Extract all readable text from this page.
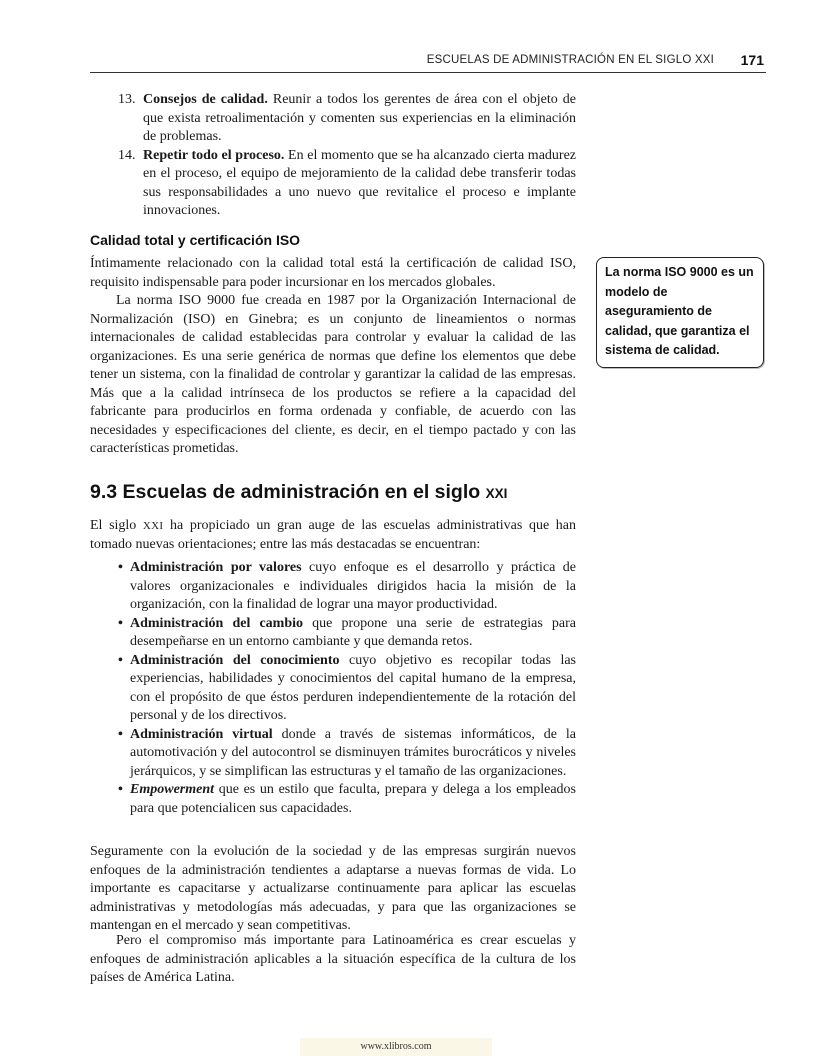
ESCUELAS DE ADMINISTRACIÓN EN EL SIGLO XXI 171
13. Consejos de calidad. Reunir a todos los gerentes de área con el objeto de que exista retroalimentación y comenten sus experiencias en la eliminación de problemas.
14. Repetir todo el proceso. En el momento que se ha alcanzado cierta madurez en el proceso, el equipo de mejoramiento de la calidad debe transferir todas sus responsabilidades a uno nuevo que revitalice el proceso e implante innovaciones.
Calidad total y certificación ISO

Íntimamente relacionado con la calidad total está la certificación de calidad ISO, requisito indispensable para poder incursionar en los mercados globales.

La norma ISO 9000 fue creada en 1987 por la Organización Internacional de Normalización (ISO) en Ginebra; es un conjunto de lineamientos o normas internacionales de calidad establecidas para controlar y evaluar la calidad de las organizaciones. Es una serie genérica de normas que define los elementos que debe tener un sistema, con la finalidad de controlar y garantizar la calidad de las empresas. Más que a la calidad intrínseca de los productos se refiere a la capacidad del fabricante para producirlos en forma ordenada y confiable, de acuerdo con las necesidades y especificaciones del cliente, es decir, en el tiempo pactado y con las características prometidas.

La norma ISO 9000 es un modelo de aseguramiento de calidad, que garantiza el sistema de calidad.
9.3 Escuelas de administración en el siglo XXI

El siglo XXI ha propiciado un gran auge de las escuelas administrativas que han tomado nuevas orientaciones; entre las más destacadas se encuentran:

• Administración por valores cuyo enfoque es el desarrollo y práctica de valores organizacionales e individuales dirigidos hacia la misión de la organización, con la finalidad de lograr una mayor productividad.
• Administración del cambio que propone una serie de estrategias para desempeñarse en un entorno cambiante y que demanda retos.
• Administración del conocimiento cuyo objetivo es recopilar todas las experiencias, habilidades y conocimientos del capital humano de la empresa, con el propósito de que éstos perduren independientemente de la rotación del personal y de los directivos.
• Administración virtual donde a través de sistemas informáticos, de la automotivación y del autocontrol se disminuyen trámites burocráticos y niveles jerárquicos, y se simplifican las estructuras y el tamaño de las organizaciones.
• Empowerment que es un estilo que faculta, prepara y delega a los empleados para que potencialicen sus capacidades.

Seguramente con la evolución de la sociedad y de las empresas surgirán nuevos enfoques de la administración tendientes a adaptarse a nuevas formas de vida. Lo importante es capacitarse y actualizarse continuamente para aplicar las escuelas administrativas y metodologías más adecuadas, y para que las organizaciones se mantengan en el mercado y sean competitivas.

Pero el compromiso más importante para Latinoamérica es crear escuelas y enfoques de administración aplicables a la situación específica de la cultura de los países de América Latina.

www.xlibros.com
